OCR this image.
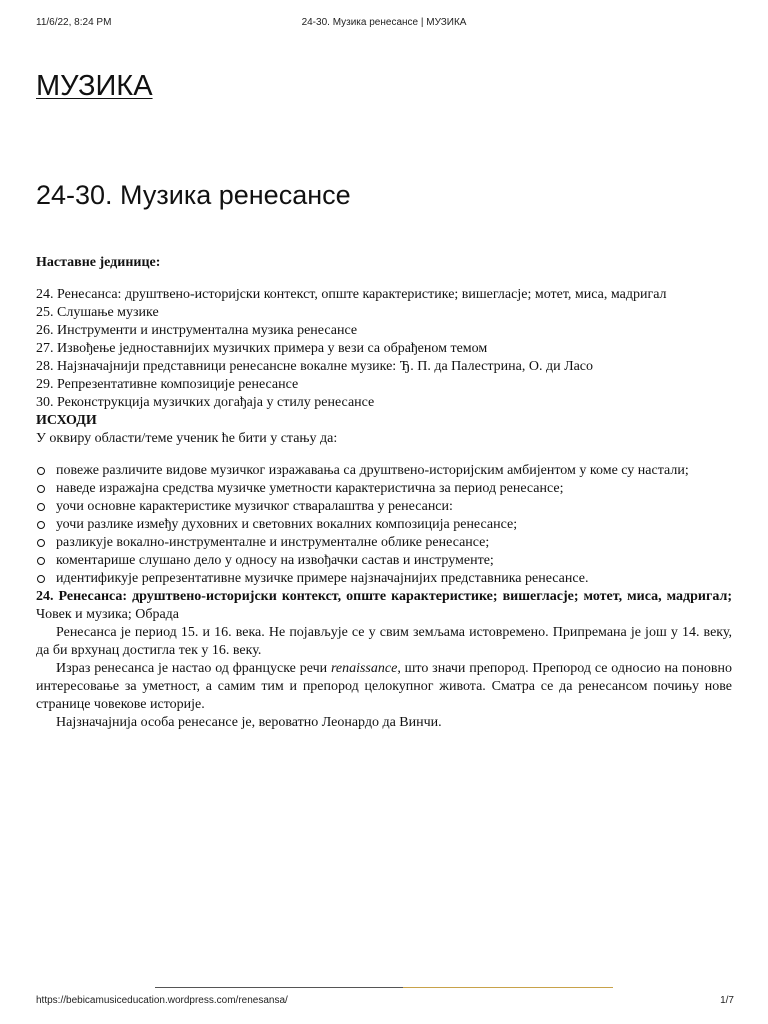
11/6/22, 8:24 PM	24-30. Музика ренесансе | МУЗИКА
МУЗИКА
24-30. Музика ренесансе

Наставне јединице:

24. Ренесанса: друштвено-историјски контекст, опште карактеристике; вишегласје; мотет, миса, мадригал
25. Слушање музике
26. Инструменти и инструментална музика ренесансе
27. Извођење једноставнијих музичких примера у вези са обрађеном темом
28. Најзначајнији представници ренесансне вокалне музике: Ђ. П. да Палестрина, О. ди Ласо
29. Репрезентативне композиције ренесансе
30. Реконструкција музичких догађаја у стилу ренесансе

ИСХОДИ

У оквиру области/теме ученик ће бити у стању да:

повеже различите видове музичког изражавања са друштвено-историјским амбијентом у коме су настали;
наведе изражајна средства музичке уметности карактеристична за период ренесансе;
уочи основне карактеристике музичког стваралаштва у ренесанси:
уочи разлике између духовних и световних вокалних композиција ренесансе;
разликује вокално-инструменталне и инструменталне облике ренесансе;
коментарише слушано дело у односу на извођачки састав и инструменте;
идентификује репрезентативне музичке примере најзначајнијих представника ренесансе.

24. Ренесанса: друштвено-историјски контекст, опште карактеристике; вишегласје; мотет, миса, мадригал; Човек и музика; Обрада

Ренесанса је период 15. и 16. века. Не појављује се у свим земљама истовремено. Припремана је још у 14. веку, да би врхунац достигла тек у 16. веку.

Израз ренесанса је настао од француске речи renaissance, што значи препород. Препород се односио на поновно интересовање за уметност, а самим тим и препород целокупног живота. Сматра се да ренесансом почињу нове странице човекове историје.

Најзначајнија особа ренесансе је, вероватно Леонардо да Винчи.

https://bebicamusiceducation.wordpress.com/renesansa/	1/7
